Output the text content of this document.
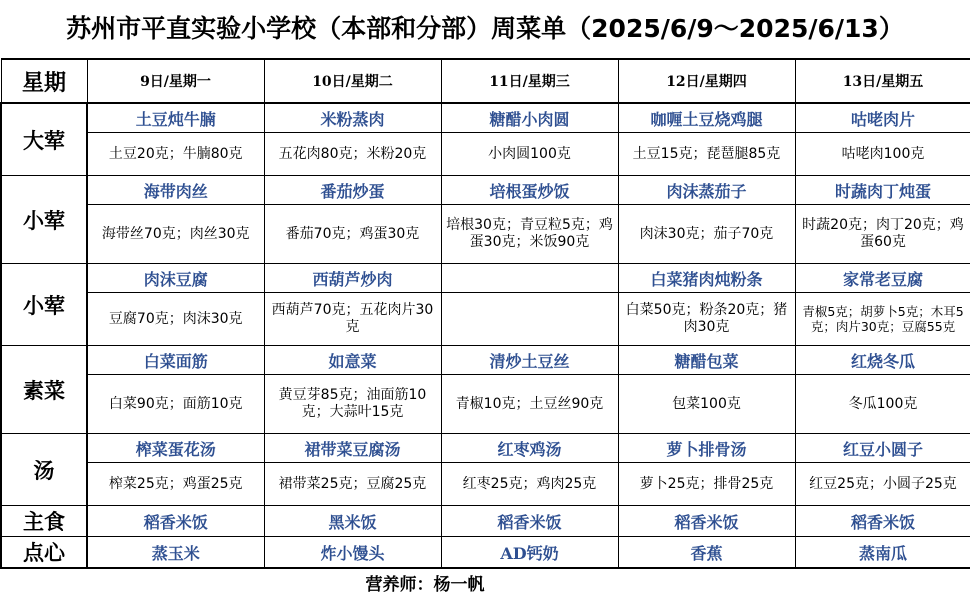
苏州市平直实验小学校（本部和分部）周菜单（2025/6/9～2025/6/13）
星期	9日/星期一	10日/星期二	11日/星期三	12日/星期四	13日/星期五
大荤	土豆炖牛腩	米粉蒸肉	糖醋小肉圆	咖喱土豆烧鸡腿	咕咾肉片
	土豆20克；牛腩80克	五花肉80克；米粉20克	小肉圆100克	土豆15克；琵琶腿85克	咕咾肉100克
小荤	海带肉丝	番茄炒蛋	培根蛋炒饭	肉沫蒸茄子	时蔬肉丁炖蛋
	海带丝70克；肉丝30克	番茄70克；鸡蛋30克	培根30克；青豆粒5克；鸡蛋30克；米饭90克	肉沫30克；茄子70克	时蔬20克；肉丁20克；鸡蛋60克
小荤	肉沫豆腐	西葫芦炒肉		白菜猪肉炖粉条	家常老豆腐
	豆腐70克；肉沫30克	西葫芦70克；五花肉片30克		白菜50克；粉条20克；猪肉30克	青椒5克；胡萝卜5克；木耳5克；肉片30克；豆腐55克
素菜	白菜面筋	如意菜	清炒土豆丝	糖醋包菜	红烧冬瓜
	白菜90克；面筋10克	黄豆芽85克；油面筋10克；大蒜叶15克	青椒10克；土豆丝90克	包菜100克	冬瓜100克
汤	榨菜蛋花汤	裙带菜豆腐汤	红枣鸡汤	萝卜排骨汤	红豆小圆子
	榨菜25克；鸡蛋25克	裙带菜25克；豆腐25克	红枣25克；鸡肉25克	萝卜25克；排骨25克	红豆25克；小圆子25克
主食	稻香米饭	黑米饭	稻香米饭	稻香米饭	稻香米饭
点心	蒸玉米	炸小馒头	AD钙奶	香蕉	蒸南瓜
营养师：杨一帆
